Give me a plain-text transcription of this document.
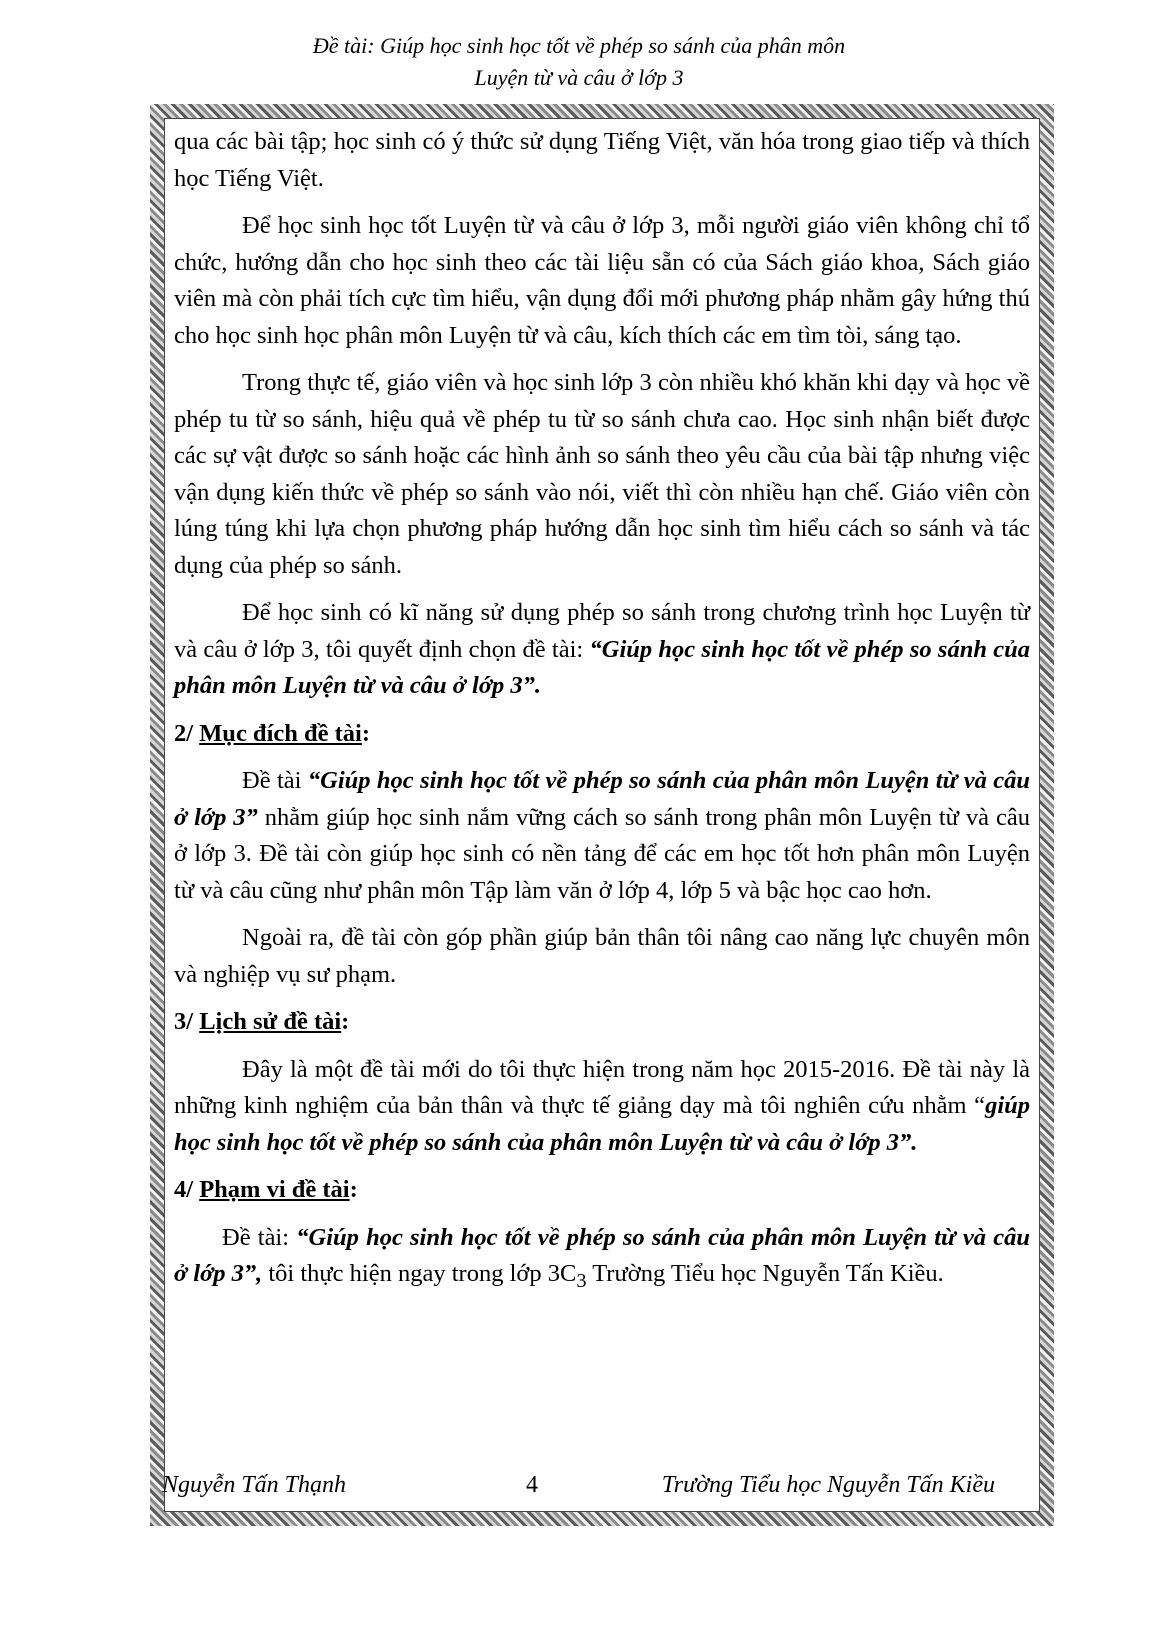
Đề tài: Giúp học sinh học tốt về phép so sánh của phân môn
Luyện từ và câu ở lớp 3

qua các bài tập; học sinh có ý thức sử dụng Tiếng Việt, văn hóa trong giao tiếp và thích học Tiếng Việt.

Để học sinh học tốt Luyện từ và câu ở lớp 3, mỗi người giáo viên không chỉ tổ chức, hướng dẫn cho học sinh theo các tài liệu sẵn có của Sách giáo khoa, Sách giáo viên mà còn phải tích cực tìm hiểu, vận dụng đổi mới phương pháp nhằm gây hứng thú cho học sinh học phân môn Luyện từ và câu, kích thích các em tìm tòi, sáng tạo.

Trong thực tế, giáo viên và học sinh lớp 3 còn nhiều khó khăn khi dạy và học về phép tu từ so sánh, hiệu quả về phép tu từ so sánh chưa cao. Học sinh nhận biết được các sự vật được so sánh hoặc các hình ảnh so sánh theo yêu cầu của bài tập nhưng việc vận dụng kiến thức về phép so sánh vào nói, viết thì còn nhiều hạn chế. Giáo viên còn lúng túng khi lựa chọn phương pháp hướng dẫn học sinh tìm hiểu cách so sánh và tác dụng của phép so sánh.

Để học sinh có kĩ năng sử dụng phép so sánh trong chương trình học Luyện từ và câu ở lớp 3, tôi quyết định chọn đề tài: “Giúp học sinh học tốt về phép so sánh của phân môn Luyện từ và câu ở lớp 3”.

2/ Mục đích đề tài:

Đề tài “Giúp học sinh học tốt về phép so sánh của phân môn Luyện từ và câu ở lớp 3” nhằm giúp học sinh nắm vững cách so sánh trong phân môn Luyện từ và câu ở lớp 3. Đề tài còn giúp học sinh có nền tảng để các em học tốt hơn phân môn Luyện từ và câu cũng như phân môn Tập làm văn ở lớp 4, lớp 5 và bậc học cao hơn.

Ngoài ra, đề tài còn góp phần giúp bản thân tôi nâng cao năng lực chuyên môn và nghiệp vụ sư phạm.

3/ Lịch sử đề tài:

Đây là một đề tài mới do tôi thực hiện trong năm học 2015-2016. Đề tài này là những kinh nghiệm của bản thân và thực tế giảng dạy mà tôi nghiên cứu nhằm “giúp học sinh học tốt về phép so sánh của phân môn Luyện từ và câu ở lớp 3”.

4/ Phạm vi đề tài:

Đề tài: “Giúp học sinh học tốt về phép so sánh của phân môn Luyện từ và câu ở lớp 3”, tôi thực hiện ngay trong lớp $3C_3$ Trường Tiểu học Nguyễn Tấn Kiều.

Nguyễn Tấn Thạnh	4	Trường Tiểu học Nguyễn Tấn Kiều
